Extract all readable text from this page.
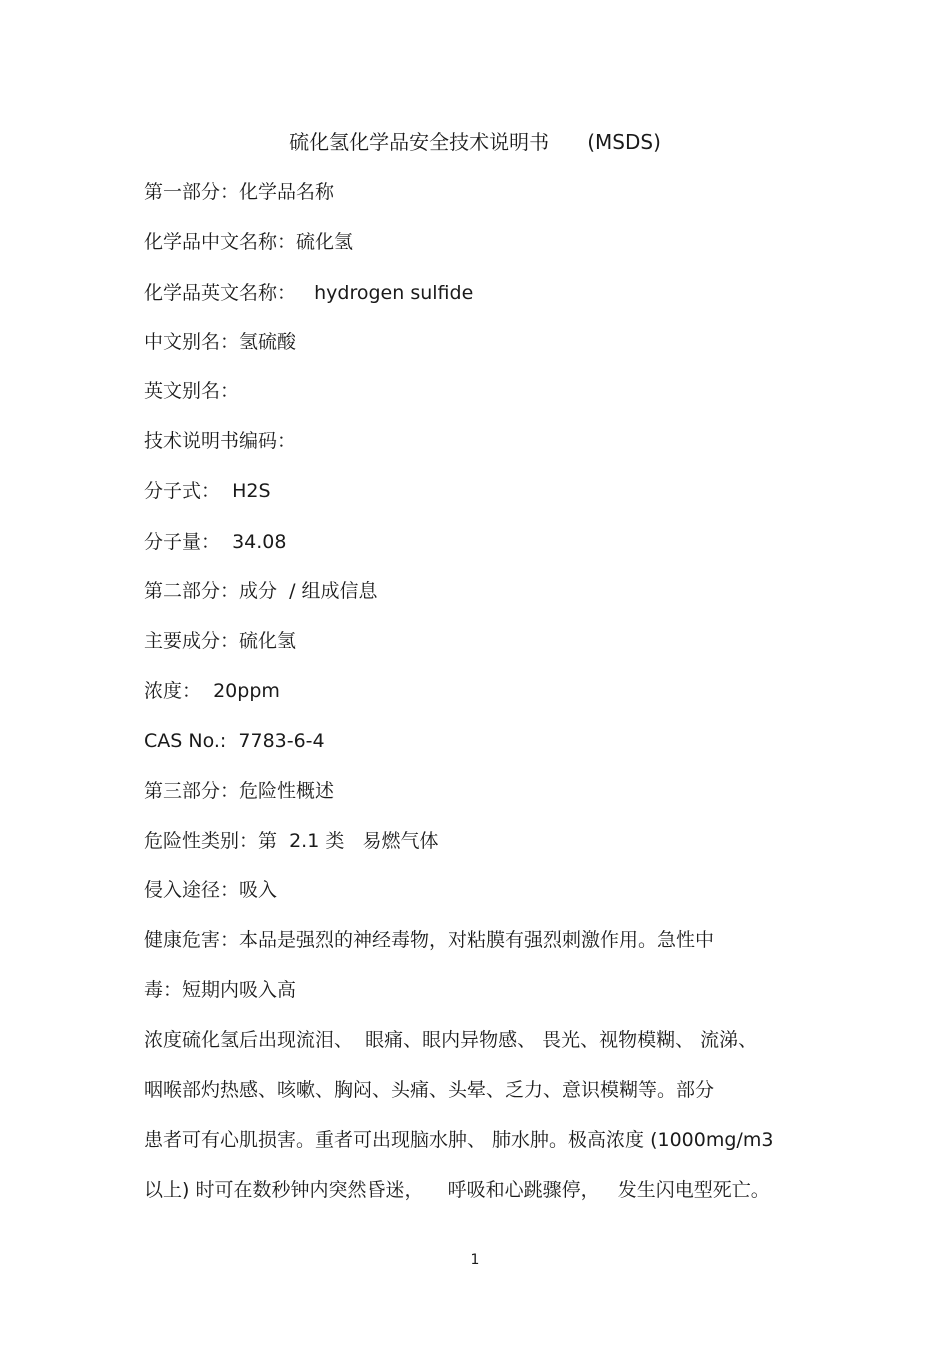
硫化氢化学品安全技术说明书      (MSDS)
第一部分：化学品名称
化学品中文名称：硫化氢
化学品英文名称：   hydrogen sulfide
中文别名：氢硫酸
英文别名：
技术说明书编码：
分子式：  H2S
分子量：  34.08
第二部分：成分  / 组成信息
主要成分：硫化氢
浓度：  20ppm
CAS No.:  7783-6-4
第三部分：危险性概述
危险性类别：第  2.1 类   易燃气体
侵入途径：吸入
健康危害：本品是强烈的神经毒物，对粘膜有强烈刺激作用。急性中
毒：短期内吸入高
浓度硫化氢后出现流泪、  眼痛、眼内异物感、 畏光、视物模糊、 流涕、
咽喉部灼热感、咳嗽、胸闷、头痛、头晕、乏力、意识模糊等。部分
患者可有心肌损害。重者可出现脑水肿、 肺水肿。极高浓度 (1000mg/m3
以上) 时可在数秒钟内突然昏迷，    呼吸和心跳骤停，   发生闪电型死亡。
1
